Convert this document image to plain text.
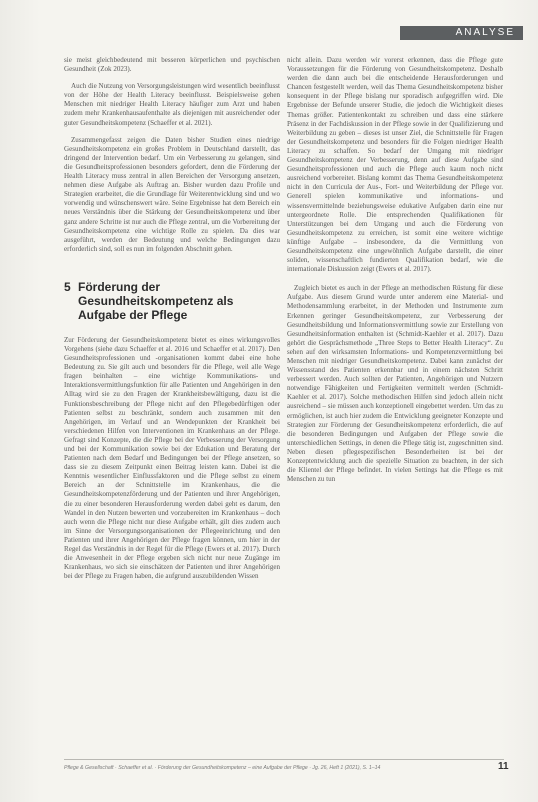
ANALYSE

sie meist gleichbedeutend mit besseren körperlichen und psychischen Gesundheit (Zok 2023).

Auch die Nutzung von Versorgungsleistungen wird wesentlich beeinflusst von der Höhe der Health Literacy beeinflusst. Beispielsweise gehen Menschen mit niedriger Health Literacy häufiger zum Arzt und haben zudem mehr Krankenhausaufenthalte als diejenigen mit ausreichender oder guter Gesundheitskompetenz (Schaeffer et al. 2021).

Zusammengefasst zeigen die Daten bisher Studien eines niedrige Gesundheitskompetenz ein großes Problem in Deutschland darstellt, das dringend der Intervention bedarf. Um ein Verbesserung zu gelangen, sind die Gesundheitsprofessionen besonders gefordert, denn die Förderung der Health Literacy muss zentral in allen Bereichen der Versorgung ansetzen, nehmen diese Aufgabe als Auftrag an. Bisher wurden dazu Profile und Strategien erarbeitet, die die Grundlage für Weiterentwicklung sind und wo vorwendig und wünschenswert wäre. Seine Ergebnisse hat dem Bereich ein neues Verständnis über die Stärkung der Gesundheitskompetenz und über ganz andere Schritte ist nur auch die Pflege zentral, um die Vorbereitung der Gesundheitskompetenz eine wichtige Rolle zu spielen. Da dies war ausgeführt, werden der Bedeutung und welche Bedingungen dazu erforderlich sind, soll es nun im folgenden Abschnitt gehen.

5 Förderung der Gesundheitskompetenz als Aufgabe der Pflege

Zur Förderung der Gesundheitskompetenz bietet es eines wirkungsvolles Vorgehens (siehe dazu Schaeffer et al. 2016 und Schaeffer et al. 2017). Den Gesundheitsprofessionen und -organisationen kommt dabei eine hohe Bedeutung zu. Sie gilt auch und besonders für die Pflege, weil alle Wege fragen beinhalten – eine wichtige Kommunikations- und Interaktionsvermittlungsfunktion für alle Patienten und Angehörigen in den Alltag wird sie zu den Fragen der Krankheitsbewältigung, dazu ist die Funktionsbeschreibung der Pflege nicht auf den Pflegebedürftigen oder Patienten selbst zu beschränkt, sondern auch zusammen mit den Angehörigen, im Verlauf und an Wendepunkten der Krankheit bei verschiedenen Hilfen von Interventionen im Krankenhaus an der Pflege. Gefragt sind Konzepte, die die Pflege bei der Verbesserung der Versorgung und bei der Kommunikation sowie bei der Edukation und Beratung der Patienten nach dem Bedarf und Bedingungen bei der Pflege ansetzen, so dass sie zu diesem Zeitpunkt einen Beitrag leisten kann. Dabei ist die Kenntnis wesentlicher Einflussfaktoren und die Pflege selbst zu einem Bereich an der Schnittstelle im Krankenhaus, die die Gesundheitskompetenzförderung und der Patienten und ihrer Angehörigen, die zu einer besonderen Herausforderung werden dabei geht es darum, den Wandel in den Nutzen bewerten und vorzubereiten im Krankenhaus – doch auch wenn die Pflege nicht nur diese Aufgabe erhält, gilt dies zudem auch im Sinne der Versorgungsorganisationen der Pflegeeinrichtung und den Patienten und ihrer Angehörigen der Pflege fragen können, um hier in der Regel das Verständnis in der Regel für die Pflege (Ewers et al. 2017). Durch die Anwesenheit in der Pflege ergeben sich nicht nur neue Zugänge im Krankenhaus, wo sich sie einschätzen der Patienten und ihrer Angehörigen bei der Pflege zu Fragen haben, die aufgrund auszubildenden Wissen

nicht allein. Dazu werden wir vorerst erkennen, dass die Pflege gute Voraussetzungen für die Förderung von Gesundheitskompetenz. Deshalb werden die dann auch bei die entscheidende Herausforderungen und Chancen festgestellt werden, weil das Thema Gesundheitskompetenz bisher konsequent in der Pflege bislang nur sporadisch aufgegriffen wird. Die Ergebnisse der Befunde unserer Studie, die jedoch die Wichtigkeit dieses Themas größer. Patientenkontakt zu schreiben und dass eine stärkere Präsenz in der Fachdiskussion in der Pflege sowie in der Qualifizierung und Weiterbildung zu geben – dieses ist unser Ziel, die Schnittstelle für Fragen der Gesundheitskompetenz und besonders für die Folgen niedriger Health Literacy zu schaffen. So bedarf der Umgang mit niedriger Gesundheitskompetenz der Verbesserung, denn auf diese Aufgabe sind Gesundheitsprofessionen und auch die Pflege auch kaum noch nicht ausreichend vorbereitet. Bislang kommt das Thema Gesundheitskompetenz nicht in den Curricula der Aus-, Fort- und Weiterbildung der Pflege vor. Generell spielen kommunikative und informations- und wissensvermittelnde beziehungsweise edukative Aufgaben darin eine nur untergeordnete Rolle. Die entsprechenden Qualifikationen für Unterstützungen bei dem Umgang und auch die Förderung von Gesundheitskompetenz zu erreichen, ist somit eine weitere wichtige künftige Aufgabe – insbesondere, da die Vermittlung von Gesundheitskompetenz eine ungewöhnlich Aufgabe darstellt, die einer soliden, wissenschaftlich fundierten Qualifikation bedarf, wie die internationale Diskussion zeigt (Ewers et al. 2017).

Zugleich bietet es auch in der Pflege an methodischen Rüstung für diese Aufgabe. Aus diesem Grund wurde unter anderem eine Material- und Methodensammlung erarbeitet, in der Methoden und Instrumente zum Erkennen geringer Gesundheitskompetenz, zur Verbesserung der Gesundheitsbildung und Informationsvermittlung sowie zur Erstellung von Gesundheitsinformation enthalten ist (Schmidt-Kaehler et al. 2017). Dazu gehört die Gesprächsmethode „Three Steps to Better Health Literacy“. Zu sehen auf den wirksamsten Informations- und Kompetenzvermittlung bei Menschen mit niedriger Gesundheitskompetenz. Dabei kann zunächst der Wissensstand des Patienten erkennbar und in einem nächsten Schritt verbessert werden. Auch sollten der Patienten, Angehörigen und Nutzern notwendige Fähigkeiten und Fertigkeiten vermittelt werden (Schmidt-Kaehler et al. 2017). Solche methodischen Hilfen sind jedoch allein nicht ausreichend – sie müssen auch konzeptionell eingebettet werden. Um das zu ermöglichen, ist auch hier zudem die Entwicklung geeigneter Konzepte und Strategien zur Förderung der Gesundheitskompetenz erforderlich, die auf die besonderen Bedingungen und Aufgaben der Pflege sowie die unterschiedlichen Settings, in denen die Pflege tätig ist, zugeschnitten sind. Neben diesen pflegespezifischen Besonderheiten ist bei der Konzeptentwicklung auch die spezielle Situation zu beachten, in der sich die Klientel der Pflege befindet. In vielen Settings hat die Pflege es mit Menschen zu tun

Pflege & Gesellschaft · Schaeffer et al. · Förderung der Gesundheitskompetenz – eine Aufgabe der Pflege · Jg. 26, Heft 1 (2021), S. 1–14	11
